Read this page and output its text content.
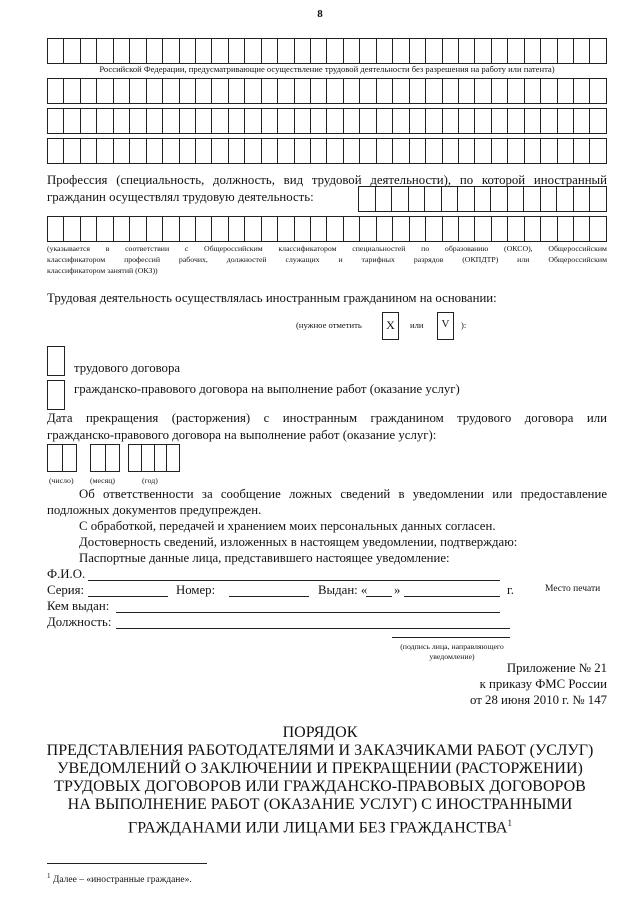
8
Российской Федерации, предусматривающие осуществление трудовой деятельности без разрешения на работу или патента)
Профессия (специальность, должность, вид трудовой деятельности), по которой иностранный
гражданин осуществлял трудовую деятельность:
(указывается в соответствии с Общероссийским классификатором специальностей по образованию (ОКСО), Общероссийским
классификатором профессий рабочих, должностей служащих и тарифных разрядов (ОКПДТР) или Общероссийским
классификатором занятий (ОКЗ))
Трудовая деятельность осуществлялась иностранным гражданином на основании:
(нужное отметить	X	или	V	):
трудового договора
гражданско-правового договора на выполнение работ (оказание услуг)
Дата прекращения (расторжения) с иностранным гражданином трудового договора или
гражданско-правового договора на выполнение работ (оказание услуг):
(число) (месяц)	(год)
Об ответственности за сообщение ложных сведений в уведомлении или предоставление
подложных документов предупрежден.
С обработкой, передачей и хранением моих персональных данных согласен.
Достоверность сведений, изложенных в настоящем уведомлении, подтверждаю:
Паспортные данные лица, представившего настоящее уведомление:
Ф.И.О.
Серия:	Номер:	Выдан: « »	г.	Место печати
Кем выдан:
Должность:
(подпись лица, направляющего
уведомление)
Приложение № 21
к приказу ФМС России
от 28 июня 2010 г. № 147
ПОРЯДОК
ПРЕДСТАВЛЕНИЯ РАБОТОДАТЕЛЯМИ И ЗАКАЗЧИКАМИ РАБОТ (УСЛУГ)
УВЕДОМЛЕНИЙ О ЗАКЛЮЧЕНИИ И ПРЕКРАЩЕНИИ (РАСТОРЖЕНИИ)
ТРУДОВЫХ ДОГОВОРОВ ИЛИ ГРАЖДАНСКО-ПРАВОВЫХ ДОГОВОРОВ
НА ВЫПОЛНЕНИЕ РАБОТ (ОКАЗАНИЕ УСЛУГ) С ИНОСТРАННЫМИ
ГРАЖДАНАМИ ИЛИ ЛИЦАМИ БЕЗ ГРАЖДАНСТВА$^1$
$^1$ Далее – «иностранные граждане».
